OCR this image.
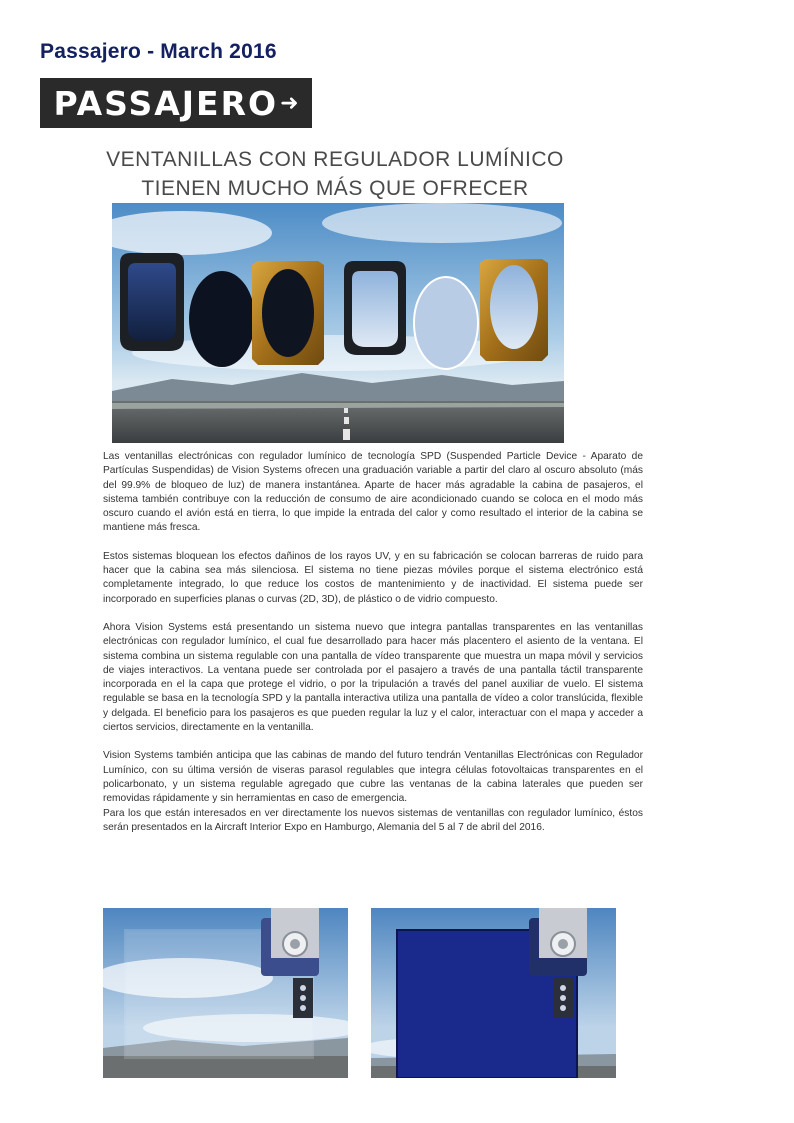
Passajero - March 2016
PASSAJERO ➜
VENTANILLAS CON REGULADOR LUMÍNICO
TIENEN MUCHO MÁS QUE OFRECER

Las ventanillas electrónicas con regulador lumínico de tecnología SPD (Suspended Particle Device - Aparato de Partículas Suspendidas) de Vision Systems ofrecen una graduación variable a partir del claro al oscuro absoluto (más del 99.9% de bloqueo de luz) de manera instantánea. Aparte de hacer más agradable la cabina de pasajeros, el sistema también contribuye con la reducción de consumo de aire acondicionado cuando se coloca en el modo más oscuro cuando el avión está en tierra, lo que impide la entrada del calor y como resultado el interior de la cabina se mantiene más fresca.

Estos sistemas bloquean los efectos dañinos de los rayos UV, y en su fabricación se colocan barreras de ruido para hacer que la cabina sea más silenciosa. El sistema no tiene piezas móviles porque el sistema electrónico está completamente integrado, lo que reduce los costos de mantenimiento y de inactividad. El sistema puede ser incorporado en superficies planas o curvas (2D, 3D), de plástico o de vidrio compuesto.

Ahora Vision Systems está presentando un sistema nuevo que integra pantallas transparentes en las ventanillas electrónicas con regulador lumínico, el cual fue desarrollado para hacer más placentero el asiento de la ventana. El sistema combina un sistema regulable con una pantalla de vídeo transparente que muestra un mapa móvil y servicios de viajes interactivos. La ventana puede ser controlada por el pasajero a través de una pantalla táctil transparente incorporada en el la capa que protege el vidrio, o por la tripulación a través del panel auxiliar de vuelo. El sistema regulable se basa en la tecnología SPD y la pantalla interactiva utiliza una pantalla de vídeo a color translúcida, flexible y delgada. El beneficio para los pasajeros es que pueden regular la luz y el calor, interactuar con el mapa y acceder a ciertos servicios, directamente en la ventanilla.

Vision Systems también anticipa que las cabinas de mando del futuro tendrán Ventanillas Electrónicas con Regulador Lumínico, con su última versión de viseras parasol regulables que integra células fotovoltaicas transparentes en el policarbonato, y un sistema regulable agregado que cubre las ventanas de la cabina laterales que pueden ser removidas rápidamente y sin herramientas en caso de emergencia.

Para los que están interesados en ver directamente los nuevos sistemas de ventanillas con regulador lumínico, éstos serán presentados en la Aircraft Interior Expo en Hamburgo, Alemania del 5 al 7 de abril del 2016.
